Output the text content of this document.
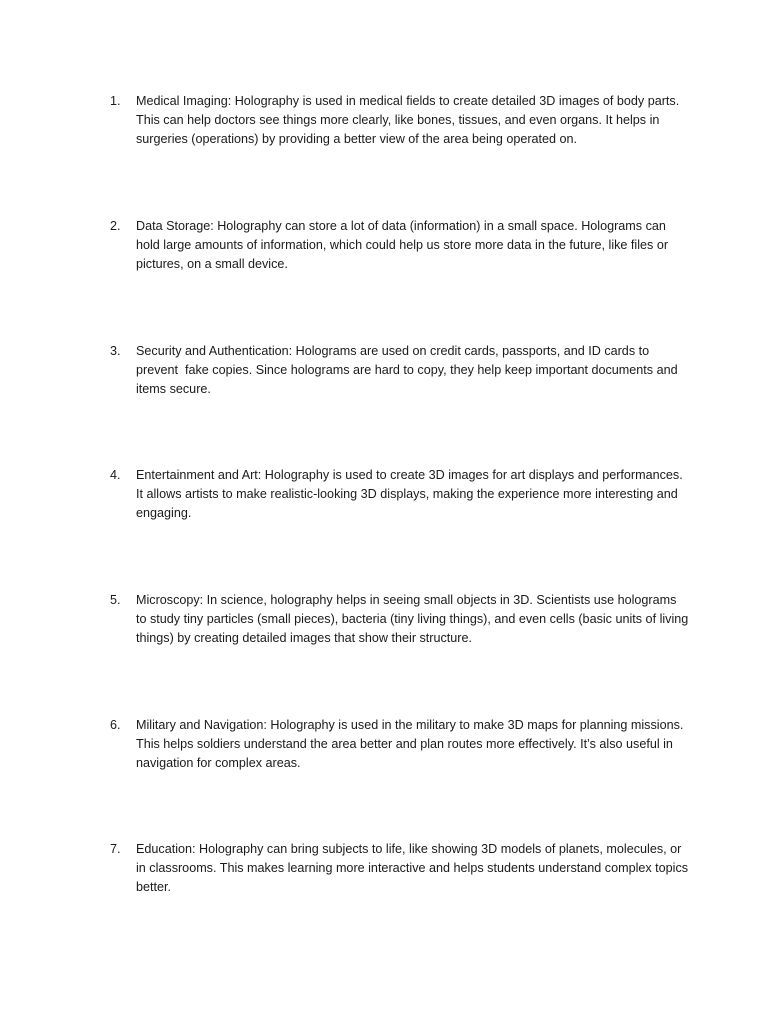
1.	Medical Imaging: Holography is used in medical fields to create detailed 3D images of body parts. This can help doctors see things more clearly, like bones, tissues, and even organs. It helps in surgeries (operations) by providing a better view of the area being operated on.
2.	Data Storage: Holography can store a lot of data (information) in a small space. Holograms can hold large amounts of information, which could help us store more data in the future, like files or pictures, on a small device.
3.	Security and Authentication: Holograms are used on credit cards, passports, and ID cards to prevent  fake copies. Since holograms are hard to copy, they help keep important documents and items secure.
4.	Entertainment and Art: Holography is used to create 3D images for art displays and performances. It allows artists to make realistic-looking 3D displays, making the experience more interesting and engaging.
5.	Microscopy: In science, holography helps in seeing small objects in 3D. Scientists use holograms to study tiny particles (small pieces), bacteria (tiny living things), and even cells (basic units of living things) by creating detailed images that show their structure.
6.	Military and Navigation: Holography is used in the military to make 3D maps for planning missions. This helps soldiers understand the area better and plan routes more effectively. It’s also useful in navigation for complex areas.
7.	Education: Holography can bring subjects to life, like showing 3D models of planets, molecules, or in classrooms. This makes learning more interactive and helps students understand complex topics better.
